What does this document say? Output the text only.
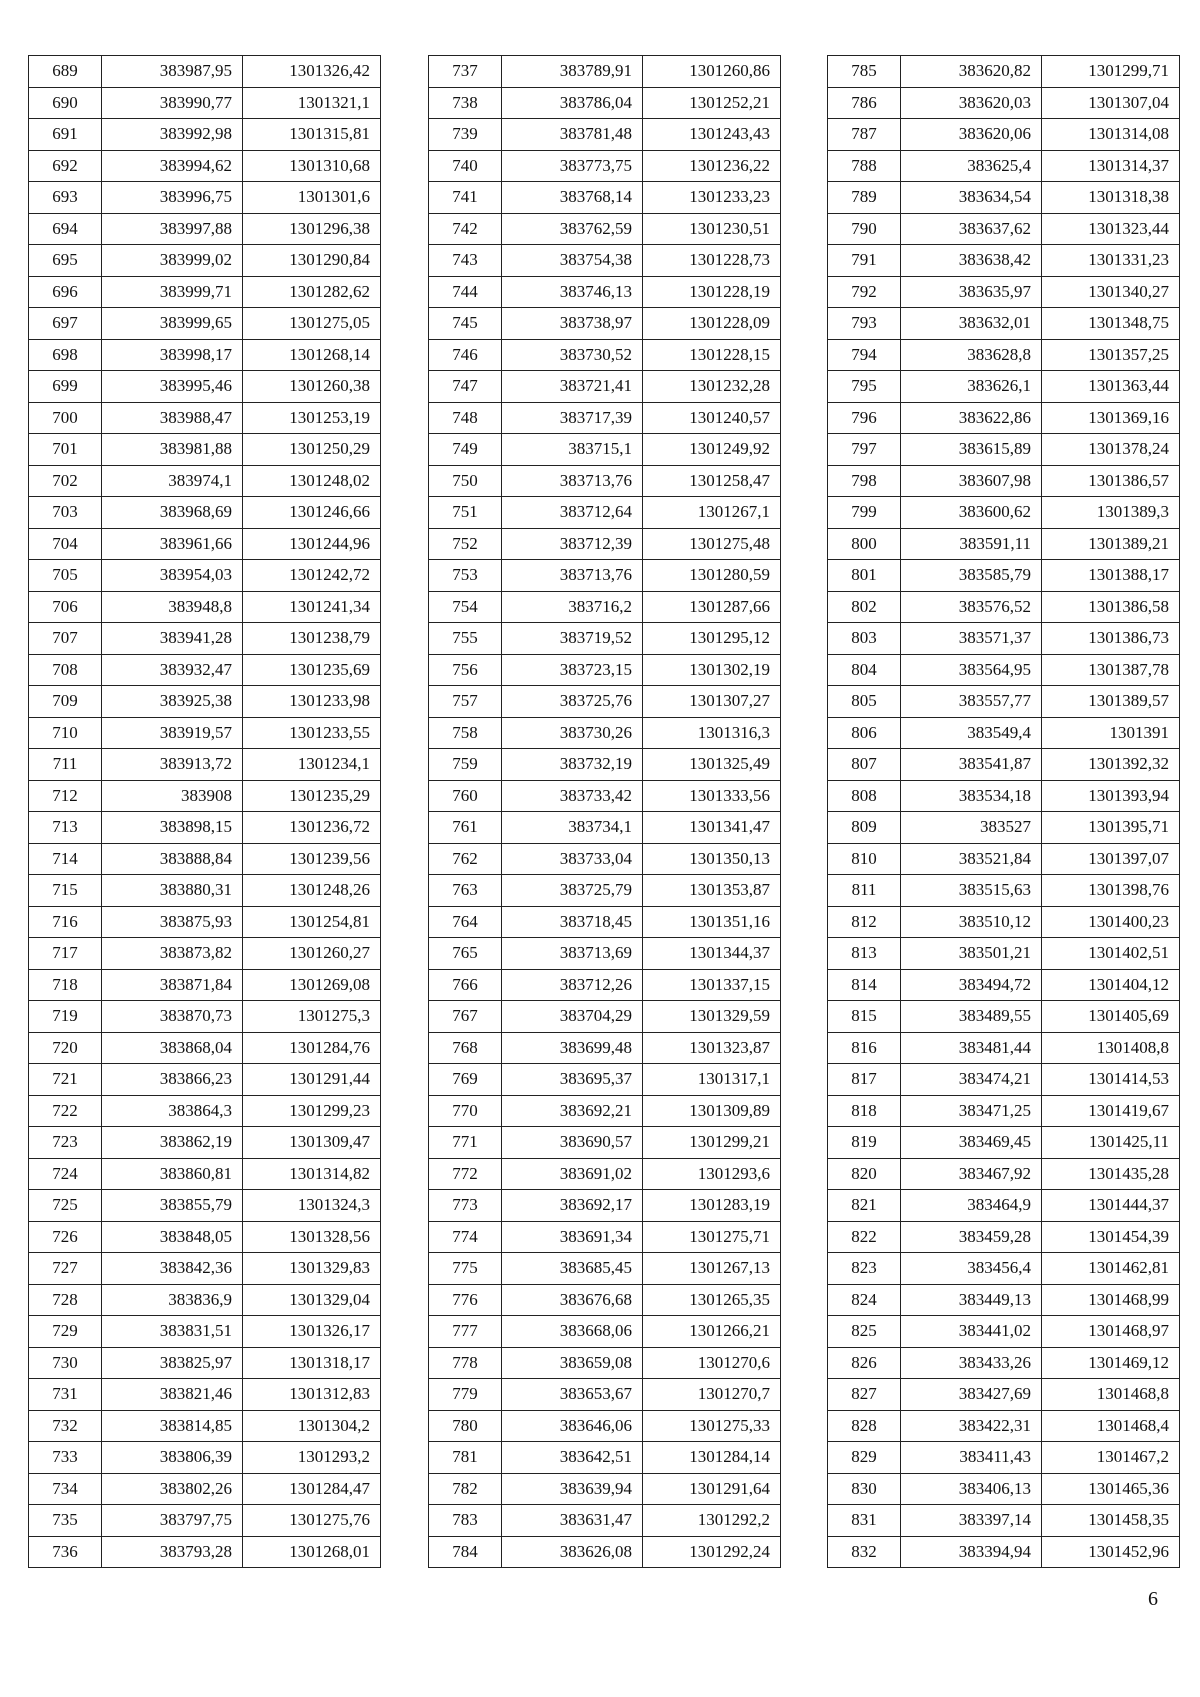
689	383987,95	1301326,42
690	383990,77	1301321,1
691	383992,98	1301315,81
692	383994,62	1301310,68
693	383996,75	1301301,6
694	383997,88	1301296,38
695	383999,02	1301290,84
696	383999,71	1301282,62
697	383999,65	1301275,05
698	383998,17	1301268,14
699	383995,46	1301260,38
700	383988,47	1301253,19
701	383981,88	1301250,29
702	383974,1	1301248,02
703	383968,69	1301246,66
704	383961,66	1301244,96
705	383954,03	1301242,72
706	383948,8	1301241,34
707	383941,28	1301238,79
708	383932,47	1301235,69
709	383925,38	1301233,98
710	383919,57	1301233,55
711	383913,72	1301234,1
712	383908	1301235,29
713	383898,15	1301236,72
714	383888,84	1301239,56
715	383880,31	1301248,26
716	383875,93	1301254,81
717	383873,82	1301260,27
718	383871,84	1301269,08
719	383870,73	1301275,3
720	383868,04	1301284,76
721	383866,23	1301291,44
722	383864,3	1301299,23
723	383862,19	1301309,47
724	383860,81	1301314,82
725	383855,79	1301324,3
726	383848,05	1301328,56
727	383842,36	1301329,83
728	383836,9	1301329,04
729	383831,51	1301326,17
730	383825,97	1301318,17
731	383821,46	1301312,83
732	383814,85	1301304,2
733	383806,39	1301293,2
734	383802,26	1301284,47
735	383797,75	1301275,76
736	383793,28	1301268,01
737	383789,91	1301260,86
738	383786,04	1301252,21
739	383781,48	1301243,43
740	383773,75	1301236,22
741	383768,14	1301233,23
742	383762,59	1301230,51
743	383754,38	1301228,73
744	383746,13	1301228,19
745	383738,97	1301228,09
746	383730,52	1301228,15
747	383721,41	1301232,28
748	383717,39	1301240,57
749	383715,1	1301249,92
750	383713,76	1301258,47
751	383712,64	1301267,1
752	383712,39	1301275,48
753	383713,76	1301280,59
754	383716,2	1301287,66
755	383719,52	1301295,12
756	383723,15	1301302,19
757	383725,76	1301307,27
758	383730,26	1301316,3
759	383732,19	1301325,49
760	383733,42	1301333,56
761	383734,1	1301341,47
762	383733,04	1301350,13
763	383725,79	1301353,87
764	383718,45	1301351,16
765	383713,69	1301344,37
766	383712,26	1301337,15
767	383704,29	1301329,59
768	383699,48	1301323,87
769	383695,37	1301317,1
770	383692,21	1301309,89
771	383690,57	1301299,21
772	383691,02	1301293,6
773	383692,17	1301283,19
774	383691,34	1301275,71
775	383685,45	1301267,13
776	383676,68	1301265,35
777	383668,06	1301266,21
778	383659,08	1301270,6
779	383653,67	1301270,7
780	383646,06	1301275,33
781	383642,51	1301284,14
782	383639,94	1301291,64
783	383631,47	1301292,2
784	383626,08	1301292,24
785	383620,82	1301299,71
786	383620,03	1301307,04
787	383620,06	1301314,08
788	383625,4	1301314,37
789	383634,54	1301318,38
790	383637,62	1301323,44
791	383638,42	1301331,23
792	383635,97	1301340,27
793	383632,01	1301348,75
794	383628,8	1301357,25
795	383626,1	1301363,44
796	383622,86	1301369,16
797	383615,89	1301378,24
798	383607,98	1301386,57
799	383600,62	1301389,3
800	383591,11	1301389,21
801	383585,79	1301388,17
802	383576,52	1301386,58
803	383571,37	1301386,73
804	383564,95	1301387,78
805	383557,77	1301389,57
806	383549,4	1301391
807	383541,87	1301392,32
808	383534,18	1301393,94
809	383527	1301395,71
810	383521,84	1301397,07
811	383515,63	1301398,76
812	383510,12	1301400,23
813	383501,21	1301402,51
814	383494,72	1301404,12
815	383489,55	1301405,69
816	383481,44	1301408,8
817	383474,21	1301414,53
818	383471,25	1301419,67
819	383469,45	1301425,11
820	383467,92	1301435,28
821	383464,9	1301444,37
822	383459,28	1301454,39
823	383456,4	1301462,81
824	383449,13	1301468,99
825	383441,02	1301468,97
826	383433,26	1301469,12
827	383427,69	1301468,8
828	383422,31	1301468,4
829	383411,43	1301467,2
830	383406,13	1301465,36
831	383397,14	1301458,35
832	383394,94	1301452,96
6
